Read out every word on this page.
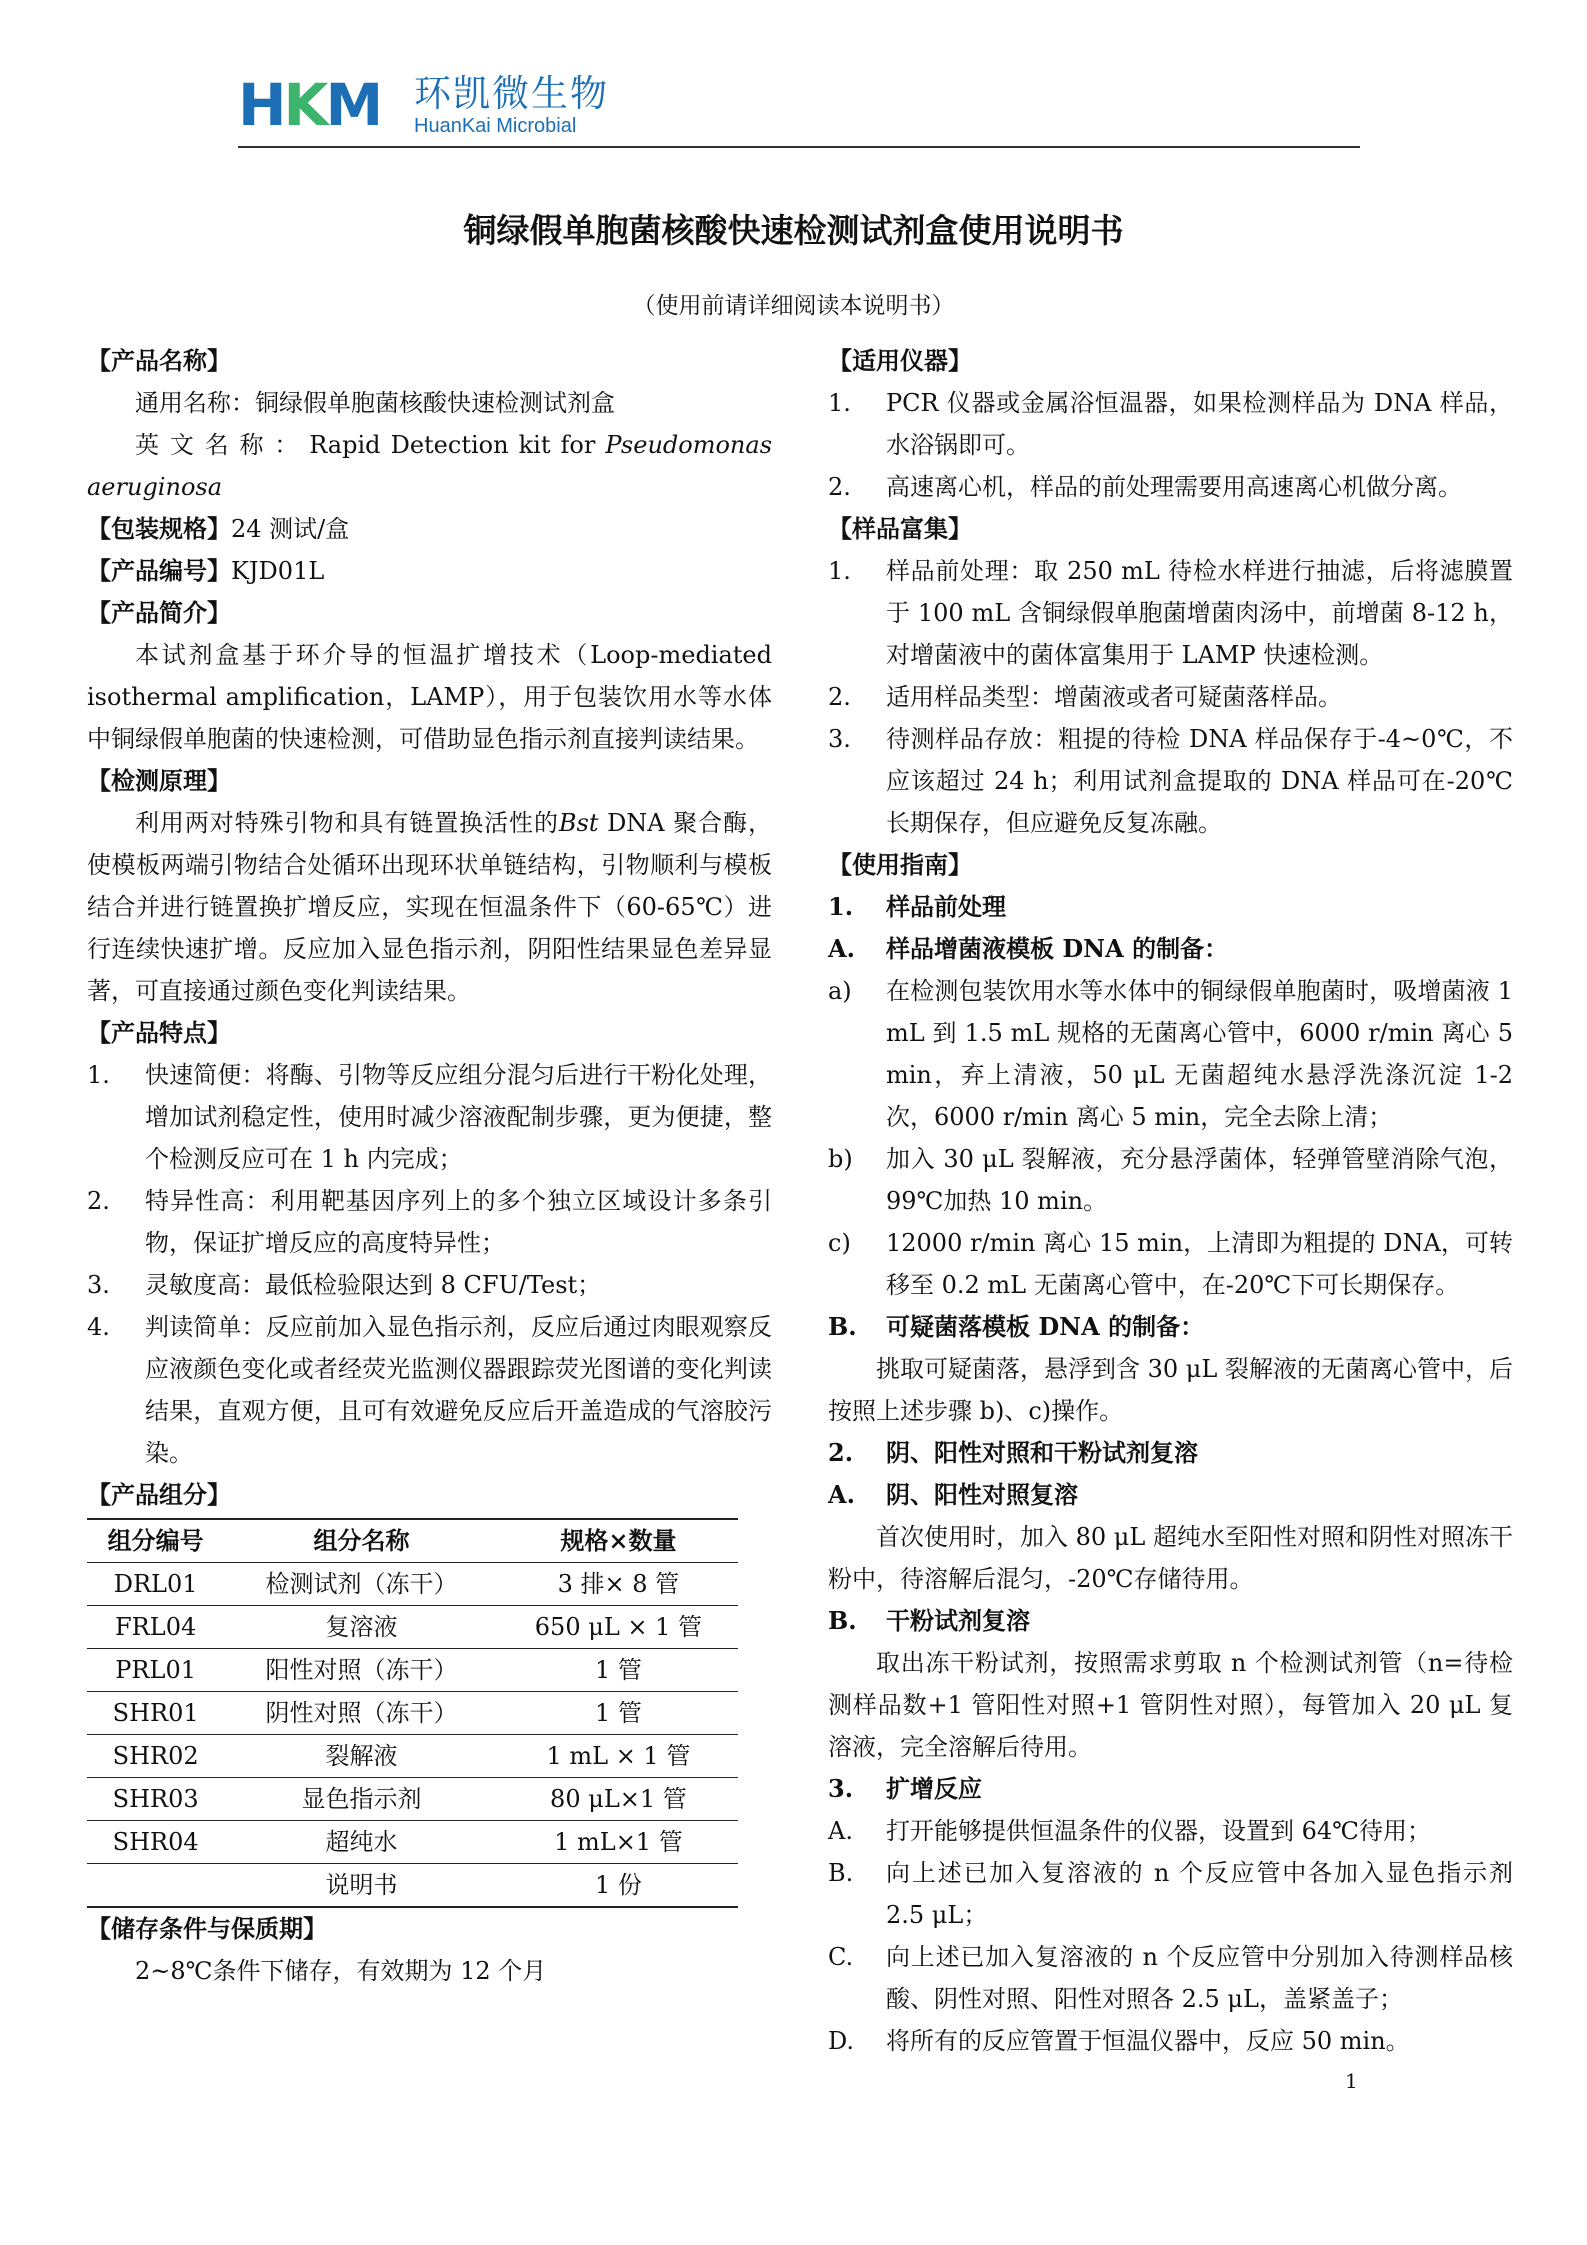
HKM 环凯微生物
HuanKai Microbial
铜绿假单胞菌核酸快速检测试剂盒使用说明书
（使用前请详细阅读本说明书）
【产品名称】
通用名称：铜绿假单胞菌核酸快速检测试剂盒
英文名称：Rapid Detection kit for Pseudomonas aeruginosa
【包装规格】24 测试/盒
【产品编号】KJD01L
【产品简介】
本试剂盒基于环介导的恒温扩增技术（Loop-mediated isothermal amplification，LAMP），用于包装饮用水等水体中铜绿假单胞菌的快速检测，可借助显色指示剂直接判读结果。
【检测原理】
利用两对特殊引物和具有链置换活性的Bst DNA 聚合酶，使模板两端引物结合处循环出现环状单链结构，引物顺利与模板结合并进行链置换扩增反应，实现在恒温条件下（60-65℃）进行连续快速扩增。反应加入显色指示剂，阴阳性结果显色差异显著，可直接通过颜色变化判读结果。
【产品特点】
1.	快速简便：将酶、引物等反应组分混匀后进行干粉化处理，增加试剂稳定性，使用时减少溶液配制步骤，更为便捷，整个检测反应可在 1 h 内完成；
2.	特异性高：利用靶基因序列上的多个独立区域设计多条引物，保证扩增反应的高度特异性；
3.	灵敏度高：最低检验限达到 8 CFU/Test；
4.	判读简单：反应前加入显色指示剂，反应后通过肉眼观察反应液颜色变化或者经荧光监测仪器跟踪荧光图谱的变化判读结果，直观方便，且可有效避免反应后开盖造成的气溶胶污染。
【产品组分】
组分编号	组分名称	规格×数量
DRL01	检测试剂（冻干）	3 排× 8 管
FRL04	复溶液	650 μL × 1 管
PRL01	阳性对照（冻干）	1 管
SHR01	阴性对照（冻干）	1 管
SHR02	裂解液	1 mL × 1 管
SHR03	显色指示剂	80 μL×1 管
SHR04	超纯水	1 mL×1 管
	说明书	1 份
【储存条件与保质期】
2~8℃条件下储存，有效期为 12 个月
【适用仪器】
1.	PCR 仪器或金属浴恒温器，如果检测样品为 DNA 样品，水浴锅即可。
2.	高速离心机，样品的前处理需要用高速离心机做分离。
【样品富集】
1.	样品前处理：取 250 mL 待检水样进行抽滤，后将滤膜置于 100 mL 含铜绿假单胞菌增菌肉汤中，前增菌 8-12 h，对增菌液中的菌体富集用于 LAMP 快速检测。
2.	适用样品类型：增菌液或者可疑菌落样品。
3.	待测样品存放：粗提的待检 DNA 样品保存于-4~0℃，不应该超过 24 h；利用试剂盒提取的 DNA 样品可在-20℃长期保存，但应避免反复冻融。
【使用指南】
1.	样品前处理
A.	样品增菌液模板 DNA 的制备：
a)	在检测包装饮用水等水体中的铜绿假单胞菌时，吸增菌液 1 mL 到 1.5 mL 规格的无菌离心管中，6000 r/min 离心 5 min，弃上清液，50 μL 无菌超纯水悬浮洗涤沉淀 1-2 次，6000 r/min 离心 5 min，完全去除上清；
b)	加入 30 μL 裂解液，充分悬浮菌体，轻弹管壁消除气泡，99℃加热 10 min。
c)	12000 r/min 离心 15 min，上清即为粗提的 DNA，可转移至 0.2 mL 无菌离心管中，在-20℃下可长期保存。
B.	可疑菌落模板 DNA 的制备：
挑取可疑菌落，悬浮到含 30 μL 裂解液的无菌离心管中，后按照上述步骤 b)、c)操作。
2.	阴、阳性对照和干粉试剂复溶
A.	阴、阳性对照复溶
首次使用时，加入 80 μL 超纯水至阳性对照和阴性对照冻干粉中，待溶解后混匀，-20℃存储待用。
B.	干粉试剂复溶
取出冻干粉试剂，按照需求剪取 n 个检测试剂管（n=待检测样品数+1 管阳性对照+1 管阴性对照），每管加入 20 μL 复溶液，完全溶解后待用。
3.	扩增反应
A.	打开能够提供恒温条件的仪器，设置到 64℃待用；
B.	向上述已加入复溶液的 n 个反应管中各加入显色指示剂 2.5 μL；
C.	向上述已加入复溶液的 n 个反应管中分别加入待测样品核酸、阴性对照、阳性对照各 2.5 μL，盖紧盖子；
D.	将所有的反应管置于恒温仪器中，反应 50 min。
1
